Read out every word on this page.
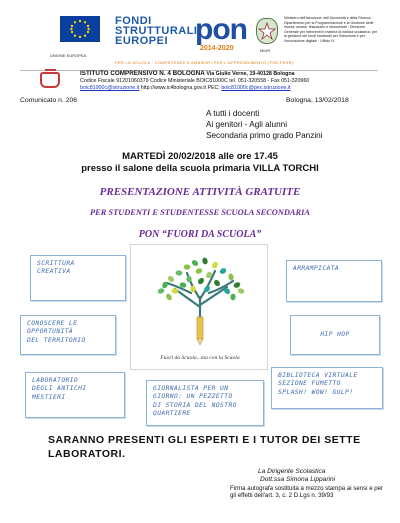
UNIONE EUROPEA
FONDI
STRUTTURALI
EUROPEI pon
2014-2020
PER LA SCUOLA · COMPETENZE E AMBIENTI PER L'APPRENDIMENTO (FSE-FESR)
MIUR
Ministero dell'Istruzione, dell'Università e della Ricerca · Dipartimento per la Programmazione e la Gestione delle risorse umane, finanziarie e strumentali · Direzione Generale per interventi in materia di edilizia scolastica, per la gestione dei fondi strutturali per l'istruzione e per l'innovazione digitale · Ufficio IV
ISTITUTO COMPRENSIVO N. 4 BOLOGNA Via Giulio Verne, 19-40128 Bologna
Codice Fiscale 91201060379 Codice Ministeriale BOIC81000C tel. 051-320558 - Fax 051-320960
boic81000c@istruzione.it http://www.ic4bologna.gov.it PEC: boic81000c@pec.istruzione.it
Comunicato n. 206	Bologna, 13/02/2018
A tutti i docenti
Ai genitori - Agli alunni
Secondaria primo grado Panzini
MARTEDÌ 20/02/2018 alle ore 17.45
presso il salone della scuola primaria VILLA TORCHI
PRESENTAZIONE ATTIVITÀ GRATUITE
PER STUDENTI E STUDENTESSE SCUOLA SECONDARIA
PON “FUORI DA SCUOLA”
SCRITTURA
CREATIVA	ARRAMPICATA
CONOSCERE LE
OPPORTUNITÀ
DEL TERRITORIO
HIP HOP
LABORATORIO
DEGLI ANTICHI
MESTIERI
GIORNALISTA PER UN
GIORNO: UN PEZZETTO
DI STORIA DEL NOSTRO
QUARTIERE
BIBLIOTECA VIRTUALE
SEZIONE FUMETTO
SPLASH! WOW! GULP!
Fuori da Scuola...ma con la Scuola
SARANNO PRESENTI GLI ESPERTI E I TUTOR DEI SETTE LABORATORI.
La Dirigente Scolastica
Dott.ssa Simona Lipparini
Firma autografa sostituita a mezzo stampa ai sensi e per gli effetti dell'art. 3, c. 2 D.Lgs n. 39/93
